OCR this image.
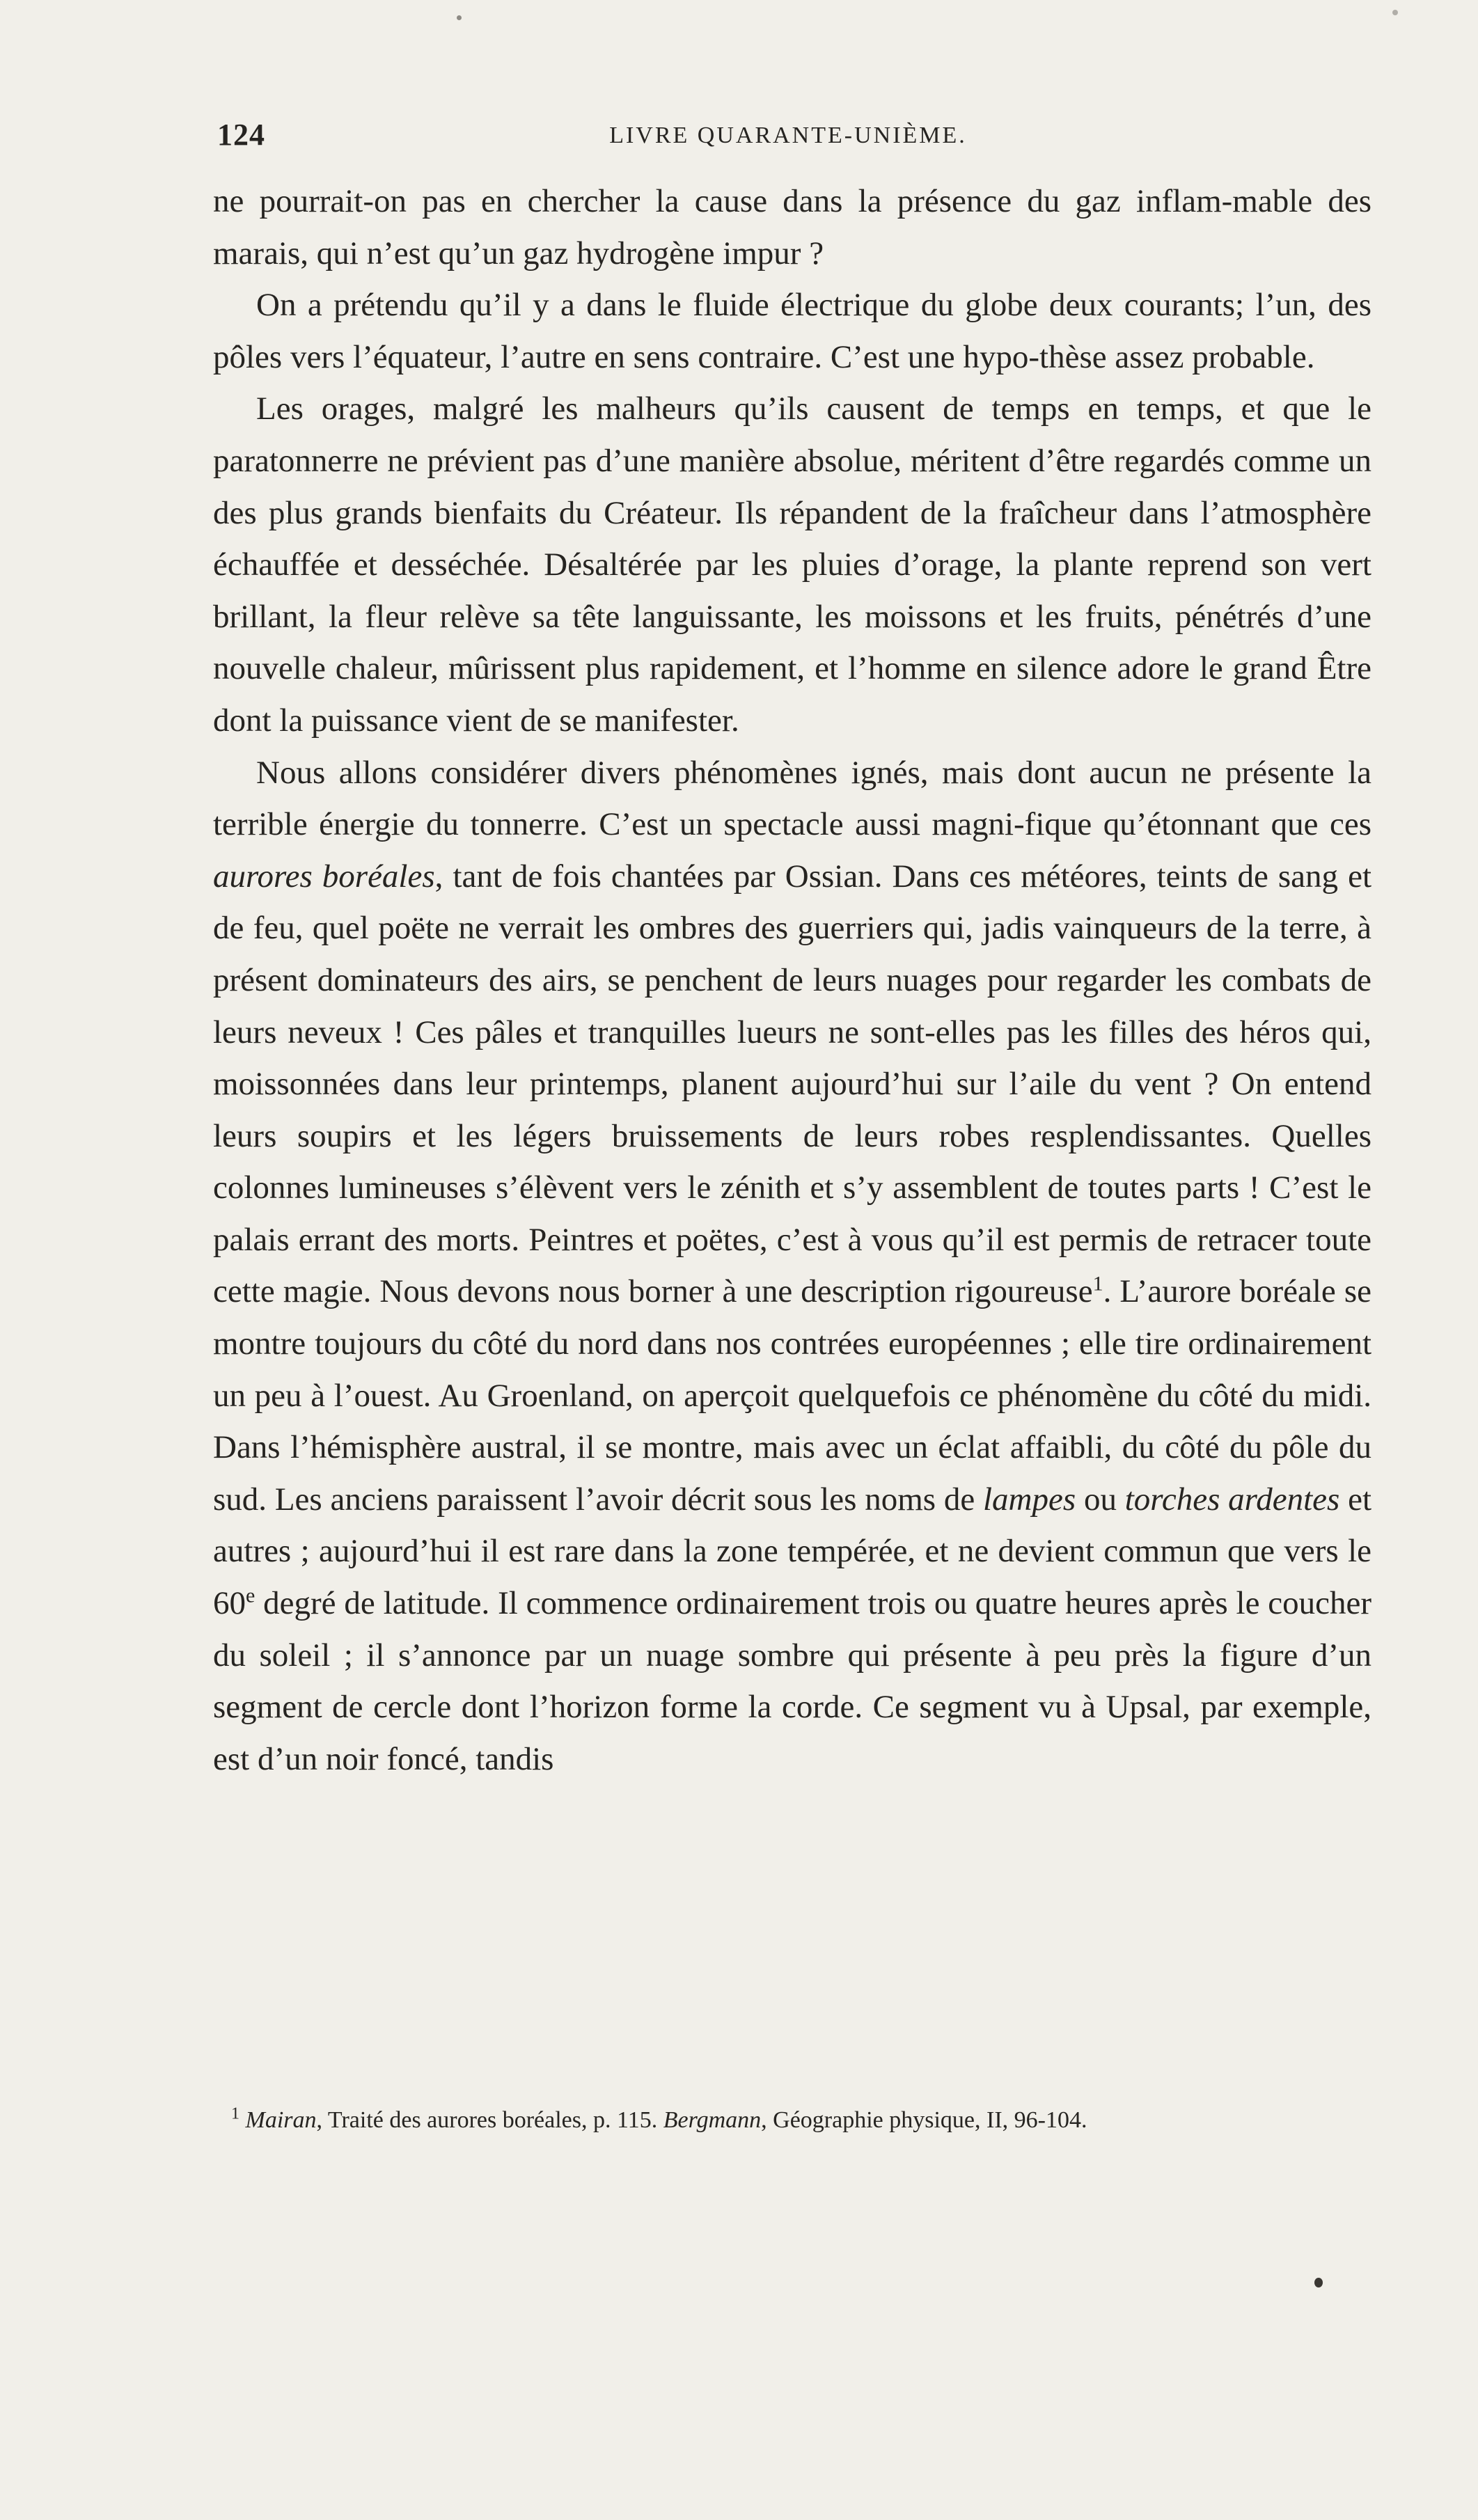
124	LIVRE QUARANTE-UNIÈME.

ne pourrait-on pas en chercher la cause dans la présence du gaz inflam-mable des marais, qui n’est qu’un gaz hydrogène impur ?

On a prétendu qu’il y a dans le fluide électrique du globe deux courants; l’un, des pôles vers l’équateur, l’autre en sens contraire. C’est une hypo-thèse assez probable.

Les orages, malgré les malheurs qu’ils causent de temps en temps, et que le paratonnerre ne prévient pas d’une manière absolue, méritent d’être regardés comme un des plus grands bienfaits du Créateur. Ils répandent de la fraîcheur dans l’atmosphère échauffée et desséchée. Désaltérée par les pluies d’orage, la plante reprend son vert brillant, la fleur relève sa tête languissante, les moissons et les fruits, pénétrés d’une nouvelle chaleur, mûrissent plus rapidement, et l’homme en silence adore le grand Être dont la puissance vient de se manifester.

Nous allons considérer divers phénomènes ignés, mais dont aucun ne présente la terrible énergie du tonnerre. C’est un spectacle aussi magni-fique qu’étonnant que ces aurores boréales, tant de fois chantées par Ossian. Dans ces météores, teints de sang et de feu, quel poëte ne verrait les ombres des guerriers qui, jadis vainqueurs de la terre, à présent dominateurs des airs, se penchent de leurs nuages pour regarder les combats de leurs neveux ! Ces pâles et tranquilles lueurs ne sont-elles pas les filles des héros qui, moissonnées dans leur printemps, planent aujourd’hui sur l’aile du vent ? On entend leurs soupirs et les légers bruissements de leurs robes resplendissantes. Quelles colonnes lumineuses s’élèvent vers le zénith et s’y assemblent de toutes parts ! C’est le palais errant des morts. Peintres et poëtes, c’est à vous qu’il est permis de retracer toute cette magie. Nous devons nous borner à une description rigoureuse$^1$. L’aurore boréale se montre toujours du côté du nord dans nos contrées européennes ; elle tire ordinairement un peu à l’ouest. Au Groenland, on aperçoit quelquefois ce phénomène du côté du midi. Dans l’hémisphère austral, il se montre, mais avec un éclat affaibli, du côté du pôle du sud. Les anciens paraissent l’avoir décrit sous les noms de lampes ou torches ardentes et autres ; aujourd’hui il est rare dans la zone tempérée, et ne devient commun que vers le 60e degré de latitude. Il commence ordinairement trois ou quatre heures après le coucher du soleil ; il s’annonce par un nuage sombre qui présente à peu près la figure d’un segment de cercle dont l’horizon forme la corde. Ce segment vu à Upsal, par exemple, est d’un noir foncé, tandis

$^1$ Mairan, Traité des aurores boréales, p. 115. Bergmann, Géographie physique, II, 96-104.
